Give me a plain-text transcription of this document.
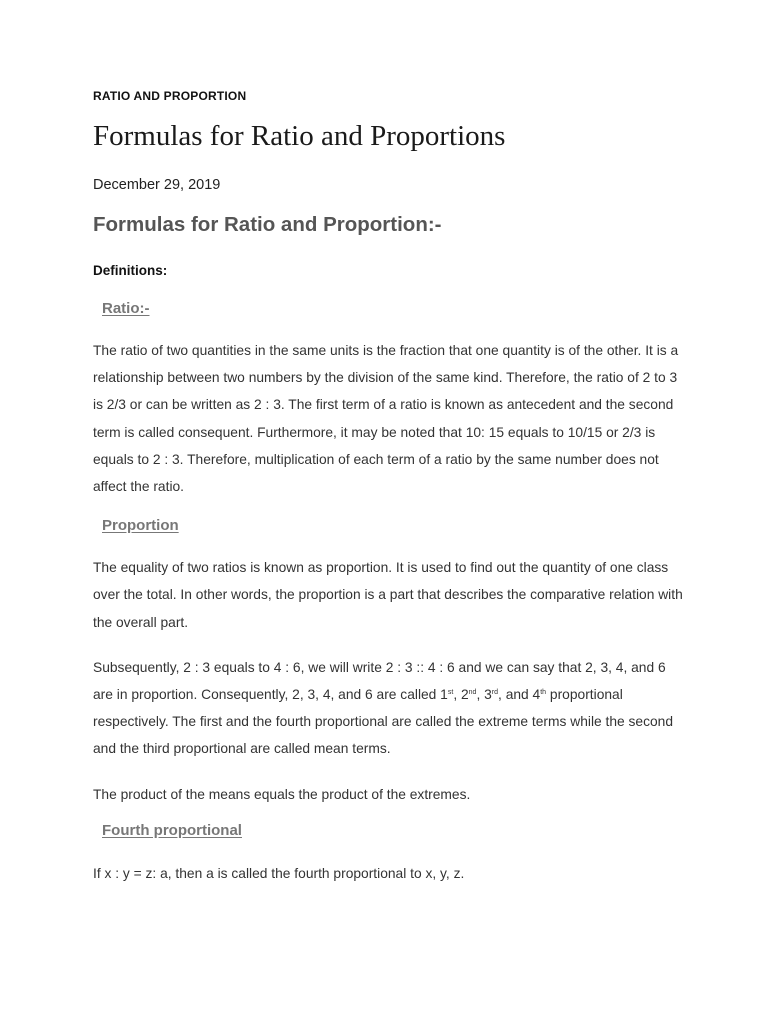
RATIO AND PROPORTION
Formulas for Ratio and Proportions
December 29, 2019
Formulas for Ratio and Proportion:-
Definitions:
Ratio:-

The ratio of two quantities in the same units is the fraction that one quantity is of the other. It is a relationship between two numbers by the division of the same kind. Therefore, the ratio of 2 to 3 is 2/3 or can be written as 2 : 3. The first term of a ratio is known as antecedent and the second term is called consequent. Furthermore, it may be noted that 10: 15 equals to 10/15 or 2/3 is equals to 2 : 3. Therefore, multiplication of each term of a ratio by the same number does not affect the ratio.

Proportion

The equality of two ratios is known as proportion. It is used to find out the quantity of one class over the total. In other words, the proportion is a part that describes the comparative relation with the overall part.

Subsequently, 2 : 3 equals to 4 : 6, we will write 2 : 3 :: 4 : 6 and we can say that 2, 3, 4, and 6 are in proportion. Consequently, 2, 3, 4, and 6 are called 1st, 2nd, 3rd, and 4th proportional respectively. The first and the fourth proportional are called the extreme terms while the second and the third proportional are called mean terms.

The product of the means equals the product of the extremes.

Fourth proportional

If x : y = z: a, then a is called the fourth proportional to x, y, z.
